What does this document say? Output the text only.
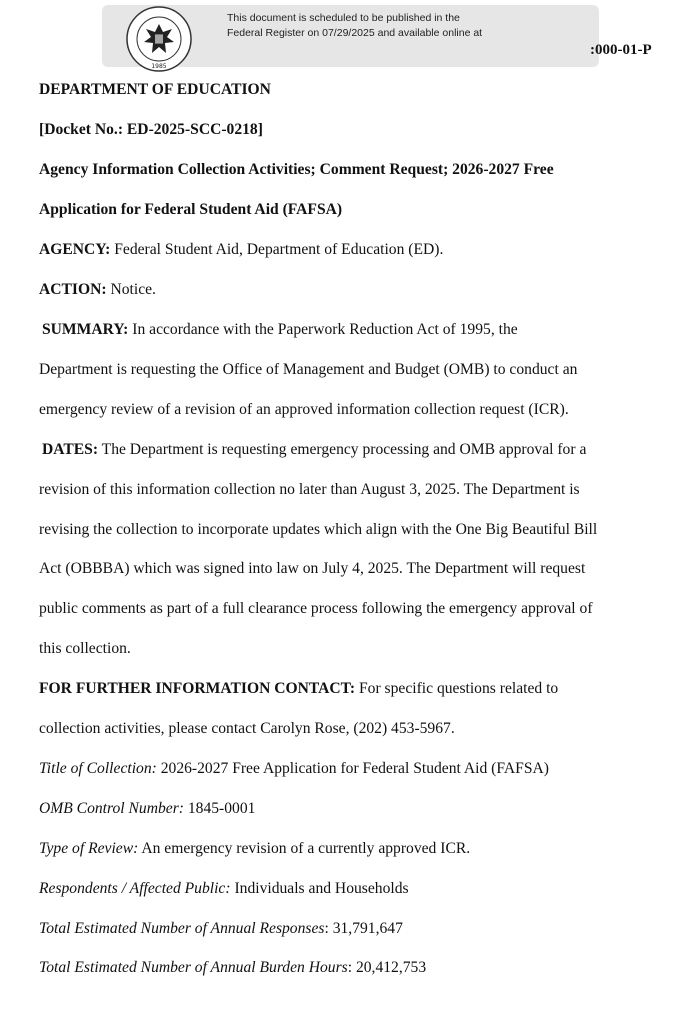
1985
This document is scheduled to be published in the
Federal Register on 07/29/2025 and available online at
:000-01-P
DEPARTMENT OF EDUCATION
[Docket No.: ED-2025-SCC-0218]
Agency Information Collection Activities; Comment Request; 2026-2027 Free
Application for Federal Student Aid (FAFSA)
AGENCY: Federal Student Aid, Department of Education (ED).
ACTION: Notice.
SUMMARY: In accordance with the Paperwork Reduction Act of 1995, the
Department is requesting the Office of Management and Budget (OMB) to conduct an
emergency review of a revision of an approved information collection request (ICR).
DATES: The Department is requesting emergency processing and OMB approval for a
revision of this information collection no later than August 3, 2025. The Department is
revising the collection to incorporate updates which align with the One Big Beautiful Bill
Act (OBBBA) which was signed into law on July 4, 2025. The Department will request
public comments as part of a full clearance process following the emergency approval of
this collection.
FOR FURTHER INFORMATION CONTACT: For specific questions related to
collection activities, please contact Carolyn Rose, (202) 453-5967.
Title of Collection: 2026-2027 Free Application for Federal Student Aid (FAFSA)
OMB Control Number: 1845-0001
Type of Review: An emergency revision of a currently approved ICR.
Respondents / Affected Public: Individuals and Households
Total Estimated Number of Annual Responses: 31,791,647
Total Estimated Number of Annual Burden Hours: 20,412,753
